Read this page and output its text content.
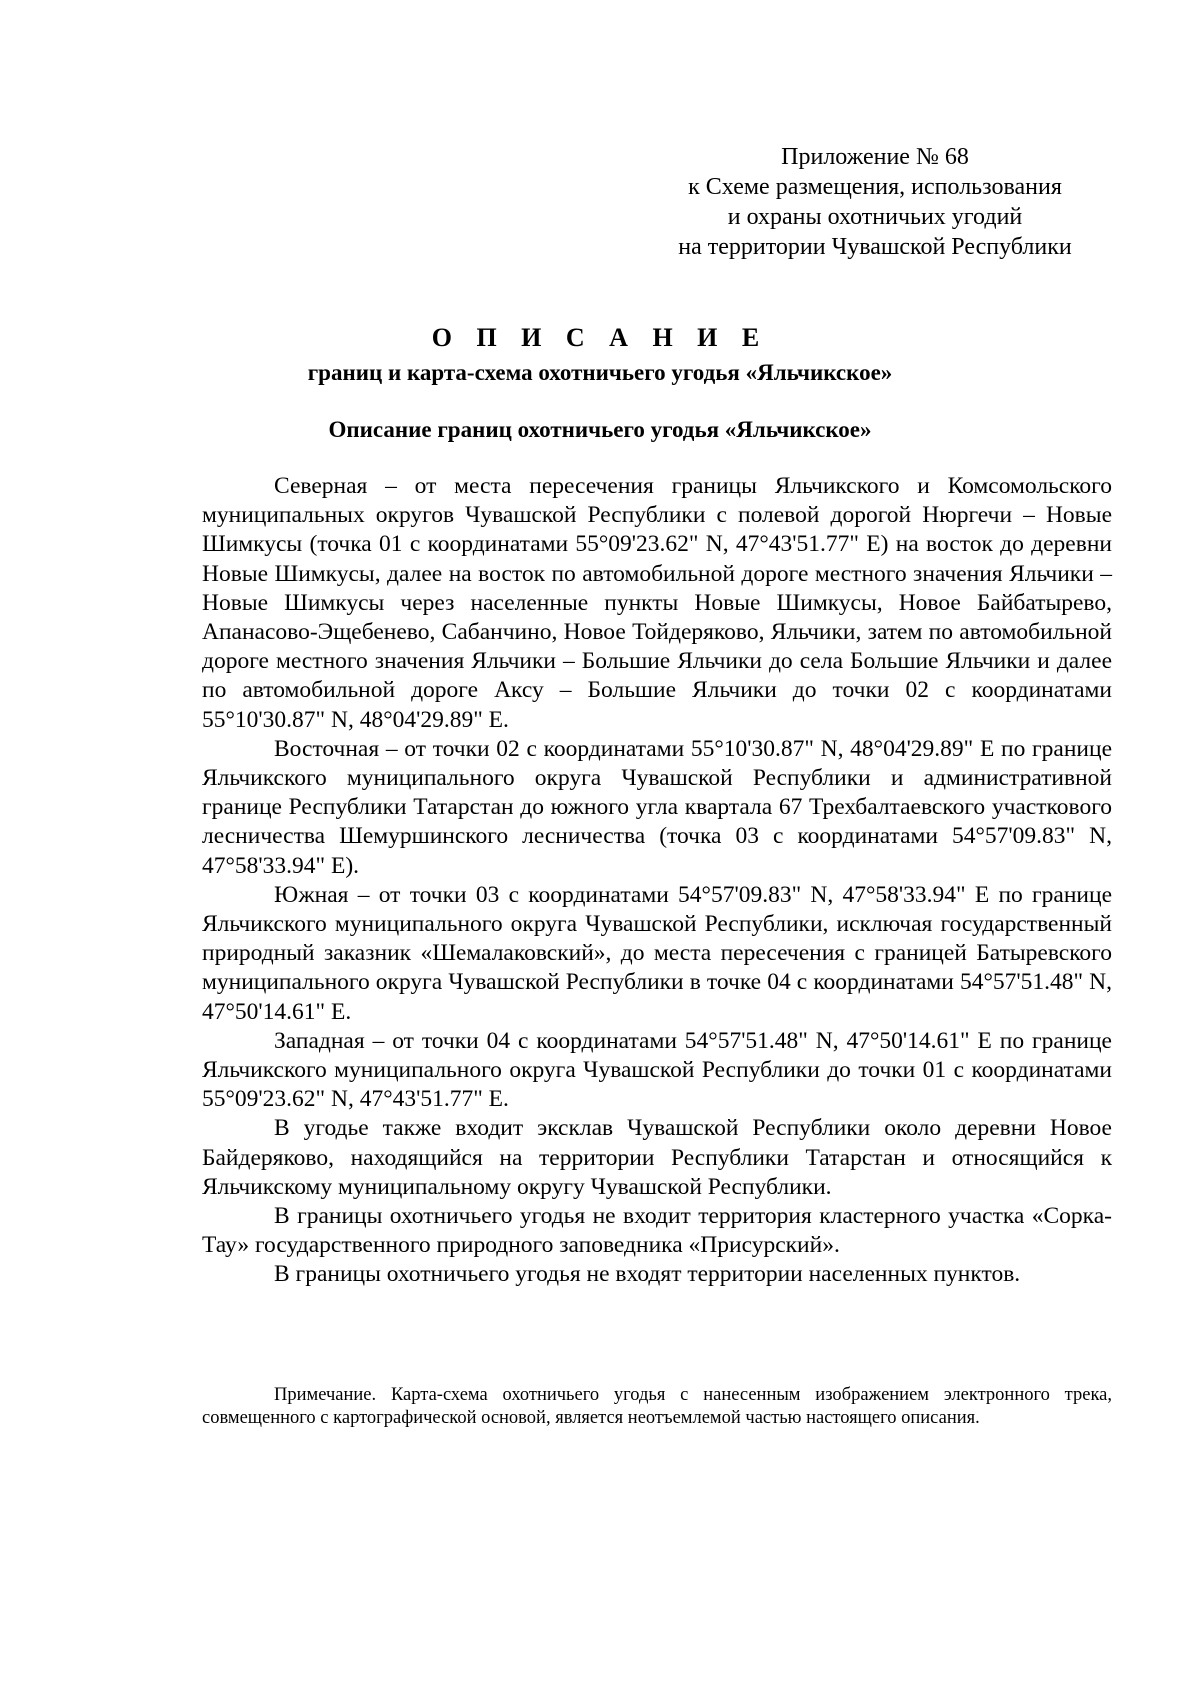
Приложение № 68
к Схеме размещения, использования
и охраны охотничьих угодий
на территории Чувашской Республики
О П И С А Н И Е
границ и карта-схема охотничьего угодья «Яльчикское»
Описание границ охотничьего угодья «Яльчикское»

Северная – от места пересечения границы Яльчикского и Комсомольского муниципальных округов Чувашской Республики с полевой дорогой Нюргечи – Новые Шимкусы (точка 01 с координатами 55°09'23.62" N, 47°43'51.77" E) на восток до деревни Новые Шимкусы, далее на восток по автомобильной дороге местного значения Яльчики – Новые Шимкусы через населенные пункты Новые Шимкусы, Новое Байбатырево, Апанасово-Эщебенево, Сабанчино, Новое Тойдеряково, Яльчики, затем по автомобильной дороге местного значения Яльчики – Большие Яльчики до села Большие Яльчики и далее по автомобильной дороге Аксу – Большие Яльчики до точки 02 с координатами 55°10'30.87" N, 48°04'29.89" E.

Восточная – от точки 02 с координатами 55°10'30.87" N, 48°04'29.89" E по границе Яльчикского муниципального округа Чувашской Республики и административной границе Республики Татарстан до южного угла квартала 67 Трехбалтаевского участкового лесничества Шемуршинского лесничества (точка 03 с координатами 54°57'09.83" N, 47°58'33.94" E).

Южная – от точки 03 с координатами 54°57'09.83" N, 47°58'33.94" E по границе Яльчикского муниципального округа Чувашской Республики, исключая государственный природный заказник «Шемалаковский», до места пересечения с границей Батыревского муниципального округа Чувашской Республики в точке 04 с координатами 54°57'51.48" N, 47°50'14.61" E.

Западная – от точки 04 с координатами 54°57'51.48" N, 47°50'14.61" E по границе Яльчикского муниципального округа Чувашской Республики до точки 01 с координатами 55°09'23.62" N, 47°43'51.77" E.

В угодье также входит эксклав Чувашской Республики около деревни Новое Байдеряково, находящийся на территории Республики Татарстан и относящийся к Яльчикскому муниципальному округу Чувашской Республики.

В границы охотничьего угодья не входит территория кластерного участка «Сорка-Тау» государственного природного заповедника «Присурский».

В границы охотничьего угодья не входят территории населенных пунктов.

Примечание. Карта-схема охотничьего угодья с нанесенным изображением электронного трека, совмещенного с картографической основой, является неотъемлемой частью настоящего описания.
